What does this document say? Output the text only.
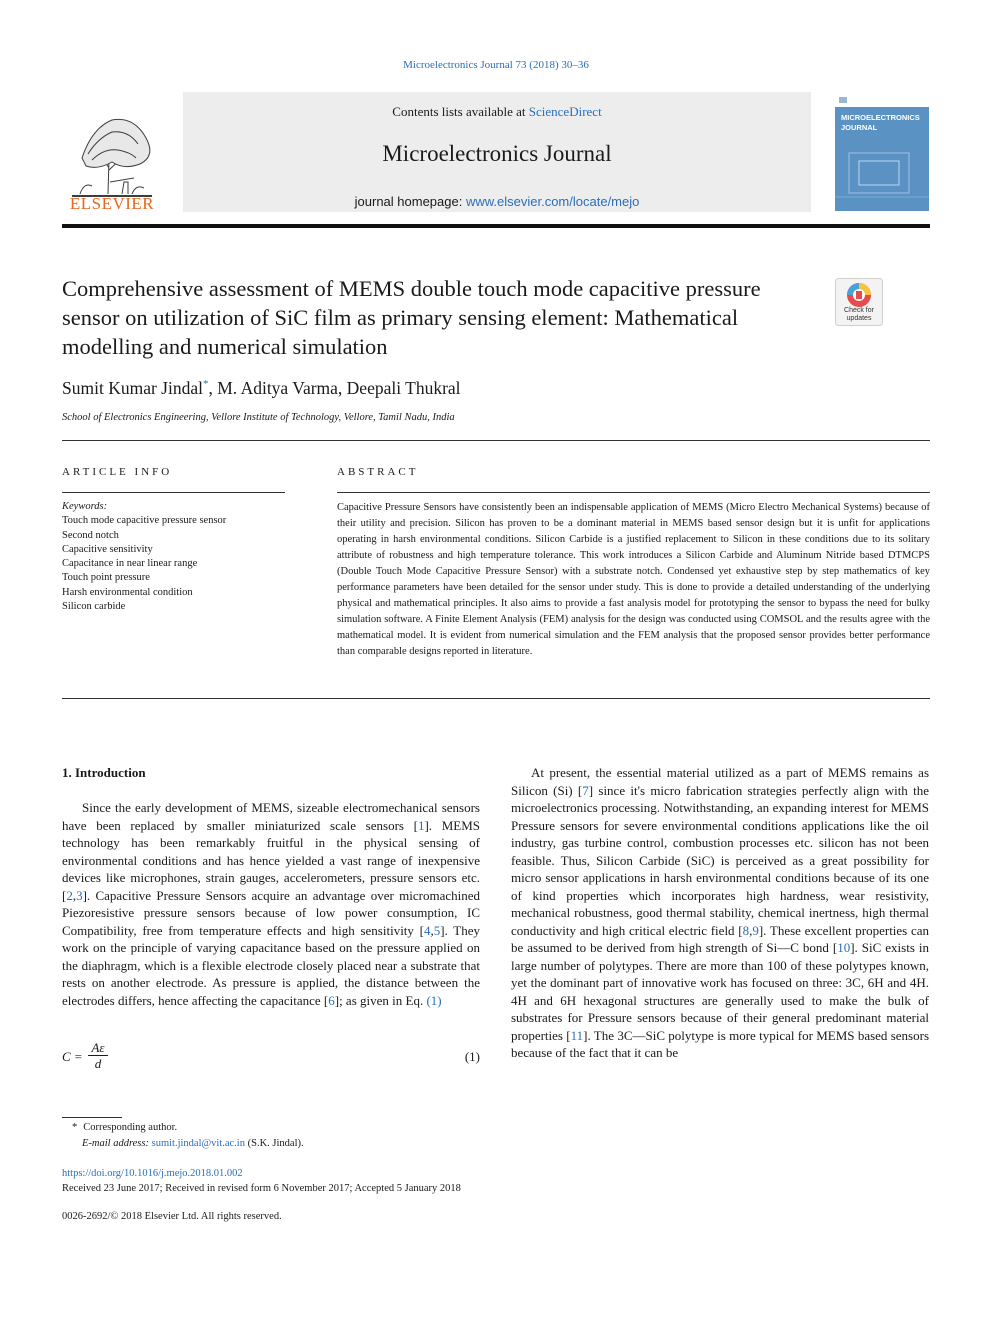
Microelectronics Journal 73 (2018) 30–36
ELSEVIER
Contents lists available at ScienceDirect
Microelectronics Journal
journal homepage: www.elsevier.com/locate/mejo
MICROELECTRONICS
JOURNAL
Comprehensive assessment of MEMS double touch mode capacitive pressure sensor on utilization of SiC film as primary sensing element: Mathematical modelling and numerical simulation
Check for
updates
Sumit Kumar Jindal*, M. Aditya Varma, Deepali Thukral
School of Electronics Engineering, Vellore Institute of Technology, Vellore, Tamil Nadu, India
ARTICLE INFO
Keywords:
Touch mode capacitive pressure sensor
Second notch
Capacitive sensitivity
Capacitance in near linear range
Touch point pressure
Harsh environmental condition
Silicon carbide
ABSTRACT
Capacitive Pressure Sensors have consistently been an indispensable application of MEMS (Micro Electro Mechanical Systems) because of their utility and precision. Silicon has proven to be a dominant material in MEMS based sensor design but it is unfit for applications operating in harsh environmental conditions. Silicon Carbide is a justified replacement to Silicon in these conditions due to its solitary attribute of robustness and high temperature tolerance. This work introduces a Silicon Carbide and Aluminum Nitride based DTMCPS (Double Touch Mode Capacitive Pressure Sensor) with a substrate notch. Condensed yet exhaustive step by step mathematics of key performance parameters have been detailed for the sensor under study. This is done to provide a detailed understanding of the underlying physical and mathematical principles. It also aims to provide a fast analysis model for prototyping the sensor to bypass the need for bulky simulation software. A Finite Element Analysis (FEM) analysis for the design was conducted using COMSOL and the results agree with the mathematical model. It is evident from numerical simulation and the FEM analysis that the proposed sensor provides better performance than comparable designs reported in literature.
1. Introduction

Since the early development of MEMS, sizeable electromechanical sensors have been replaced by smaller miniaturized scale sensors [1]. MEMS technology has been remarkably fruitful in the physical sensing of environmental conditions and has hence yielded a vast range of inexpensive devices like microphones, strain gauges, accelerometers, pressure sensors etc. [2,3]. Capacitive Pressure Sensors acquire an advantage over micromachined Piezoresistive pressure sensors because of low power consumption, IC Compatibility, free from temperature effects and high sensitivity [4,5]. They work on the principle of varying capacitance based on the pressure applied on the diaphragm, which is a flexible electrode closely placed near a substrate that rests on another electrode. As pressure is applied, the distance between the electrodes differs, hence affecting the capacitance [6]; as given in Eq. (1)

$C = \frac{A\varepsilon}{d}$	(1)

At present, the essential material utilized as a part of MEMS remains as Silicon (Si) [7] since it's micro fabrication strategies perfectly align with the microelectronics processing. Notwithstanding, an expanding interest for MEMS Pressure sensors for severe environmental conditions applications like the oil industry, gas turbine control, combustion processes etc. silicon has not been feasible. Thus, Silicon Carbide (SiC) is perceived as a great possibility for micro sensor applications in harsh environmental conditions because of its one of kind properties which incorporates high hardness, wear resistivity, mechanical robustness, good thermal stability, chemical inertness, high thermal conductivity and high critical electric field [8,9]. These excellent properties can be assumed to be derived from high strength of Si—C bond [10]. SiC exists in large number of polytypes. There are more than 100 of these polytypes known, yet the dominant part of innovative work has focused on three: 3C, 6H and 4H. 4H and 6H hexagonal structures are generally used to make the bulk of substrates for Pressure sensors because of their general predominant material properties [11]. The 3C—SiC polytype is more typical for MEMS based sensors because of the fact that it can be

* Corresponding author.
E-mail address: sumit.jindal@vit.ac.in (S.K. Jindal).
https://doi.org/10.1016/j.mejo.2018.01.002
Received 23 June 2017; Received in revised form 6 November 2017; Accepted 5 January 2018
0026-2692/© 2018 Elsevier Ltd. All rights reserved.
